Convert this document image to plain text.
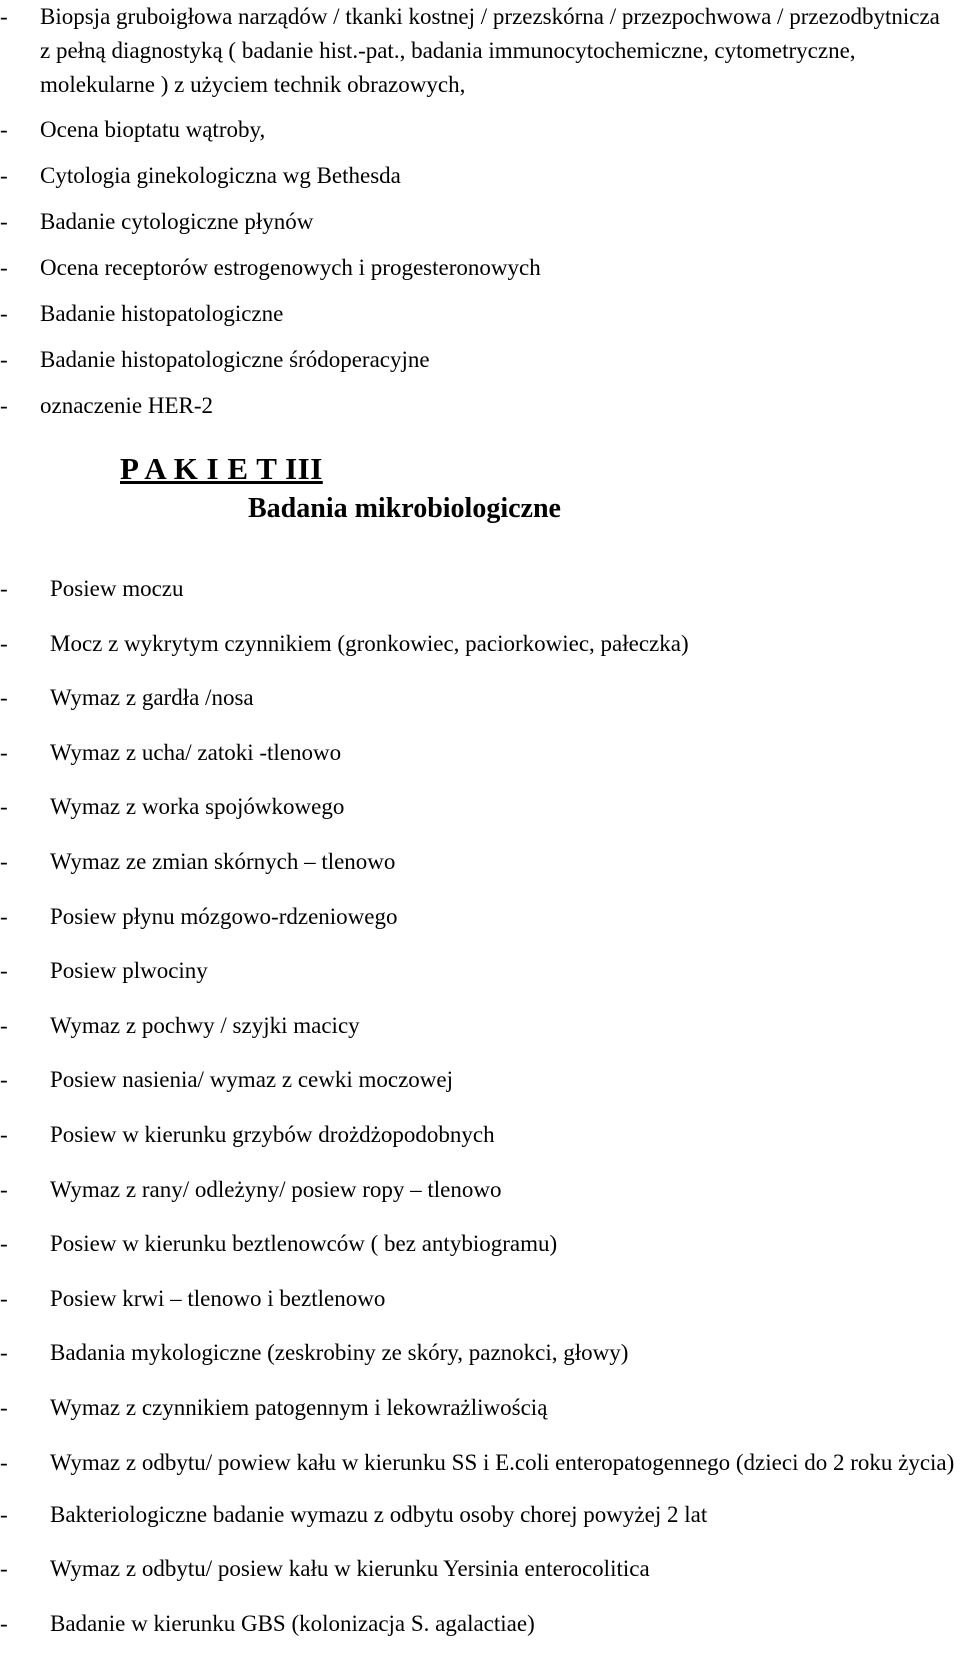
- Biopsja gruboigłowa narządów / tkanki kostnej / przezskórna / przezpochwowa / przezodbytnicza z pełną diagnostyką ( badanie hist.-pat., badania immunocytochemiczne, cytometryczne, molekularne ) z użyciem technik obrazowych,
- Ocena bioptatu wątroby,
- Cytologia ginekologiczna wg Bethesda
- Badanie cytologiczne płynów
- Ocena receptorów estrogenowych i progesteronowych
- Badanie histopatologiczne
- Badanie histopatologiczne śródoperacyjne
- oznaczenie HER-2
P A K I E T III
Badania mikrobiologiczne
- Posiew moczu
- Mocz z wykrytym czynnikiem (gronkowiec, paciorkowiec, pałeczka)
- Wymaz z gardła /nosa
- Wymaz z ucha/ zatoki -tlenowo
- Wymaz z worka spojówkowego
- Wymaz ze zmian skórnych – tlenowo
- Posiew płynu mózgowo-rdzeniowego
- Posiew plwociny
- Wymaz z pochwy / szyjki macicy
- Posiew nasienia/ wymaz z cewki moczowej
- Posiew w kierunku grzybów drożdżopodobnych
- Wymaz z rany/ odleżyny/ posiew ropy – tlenowo
- Posiew w kierunku beztlenowców ( bez antybiogramu)
- Posiew krwi – tlenowo i beztlenowo
- Badania mykologiczne (zeskrobiny ze skóry, paznokci, głowy)
- Wymaz z czynnikiem patogennym i lekowrażliwością
- Wymaz z odbytu/ powiew kału w kierunku SS i E.coli enteropatogennego (dzieci do 2 roku życia)
- Bakteriologiczne badanie wymazu z odbytu osoby chorej powyżej 2 lat
- Wymaz z odbytu/ posiew kału w kierunku Yersinia enterocolitica
- Badanie w kierunku GBS (kolonizacja S. agalactiae)
